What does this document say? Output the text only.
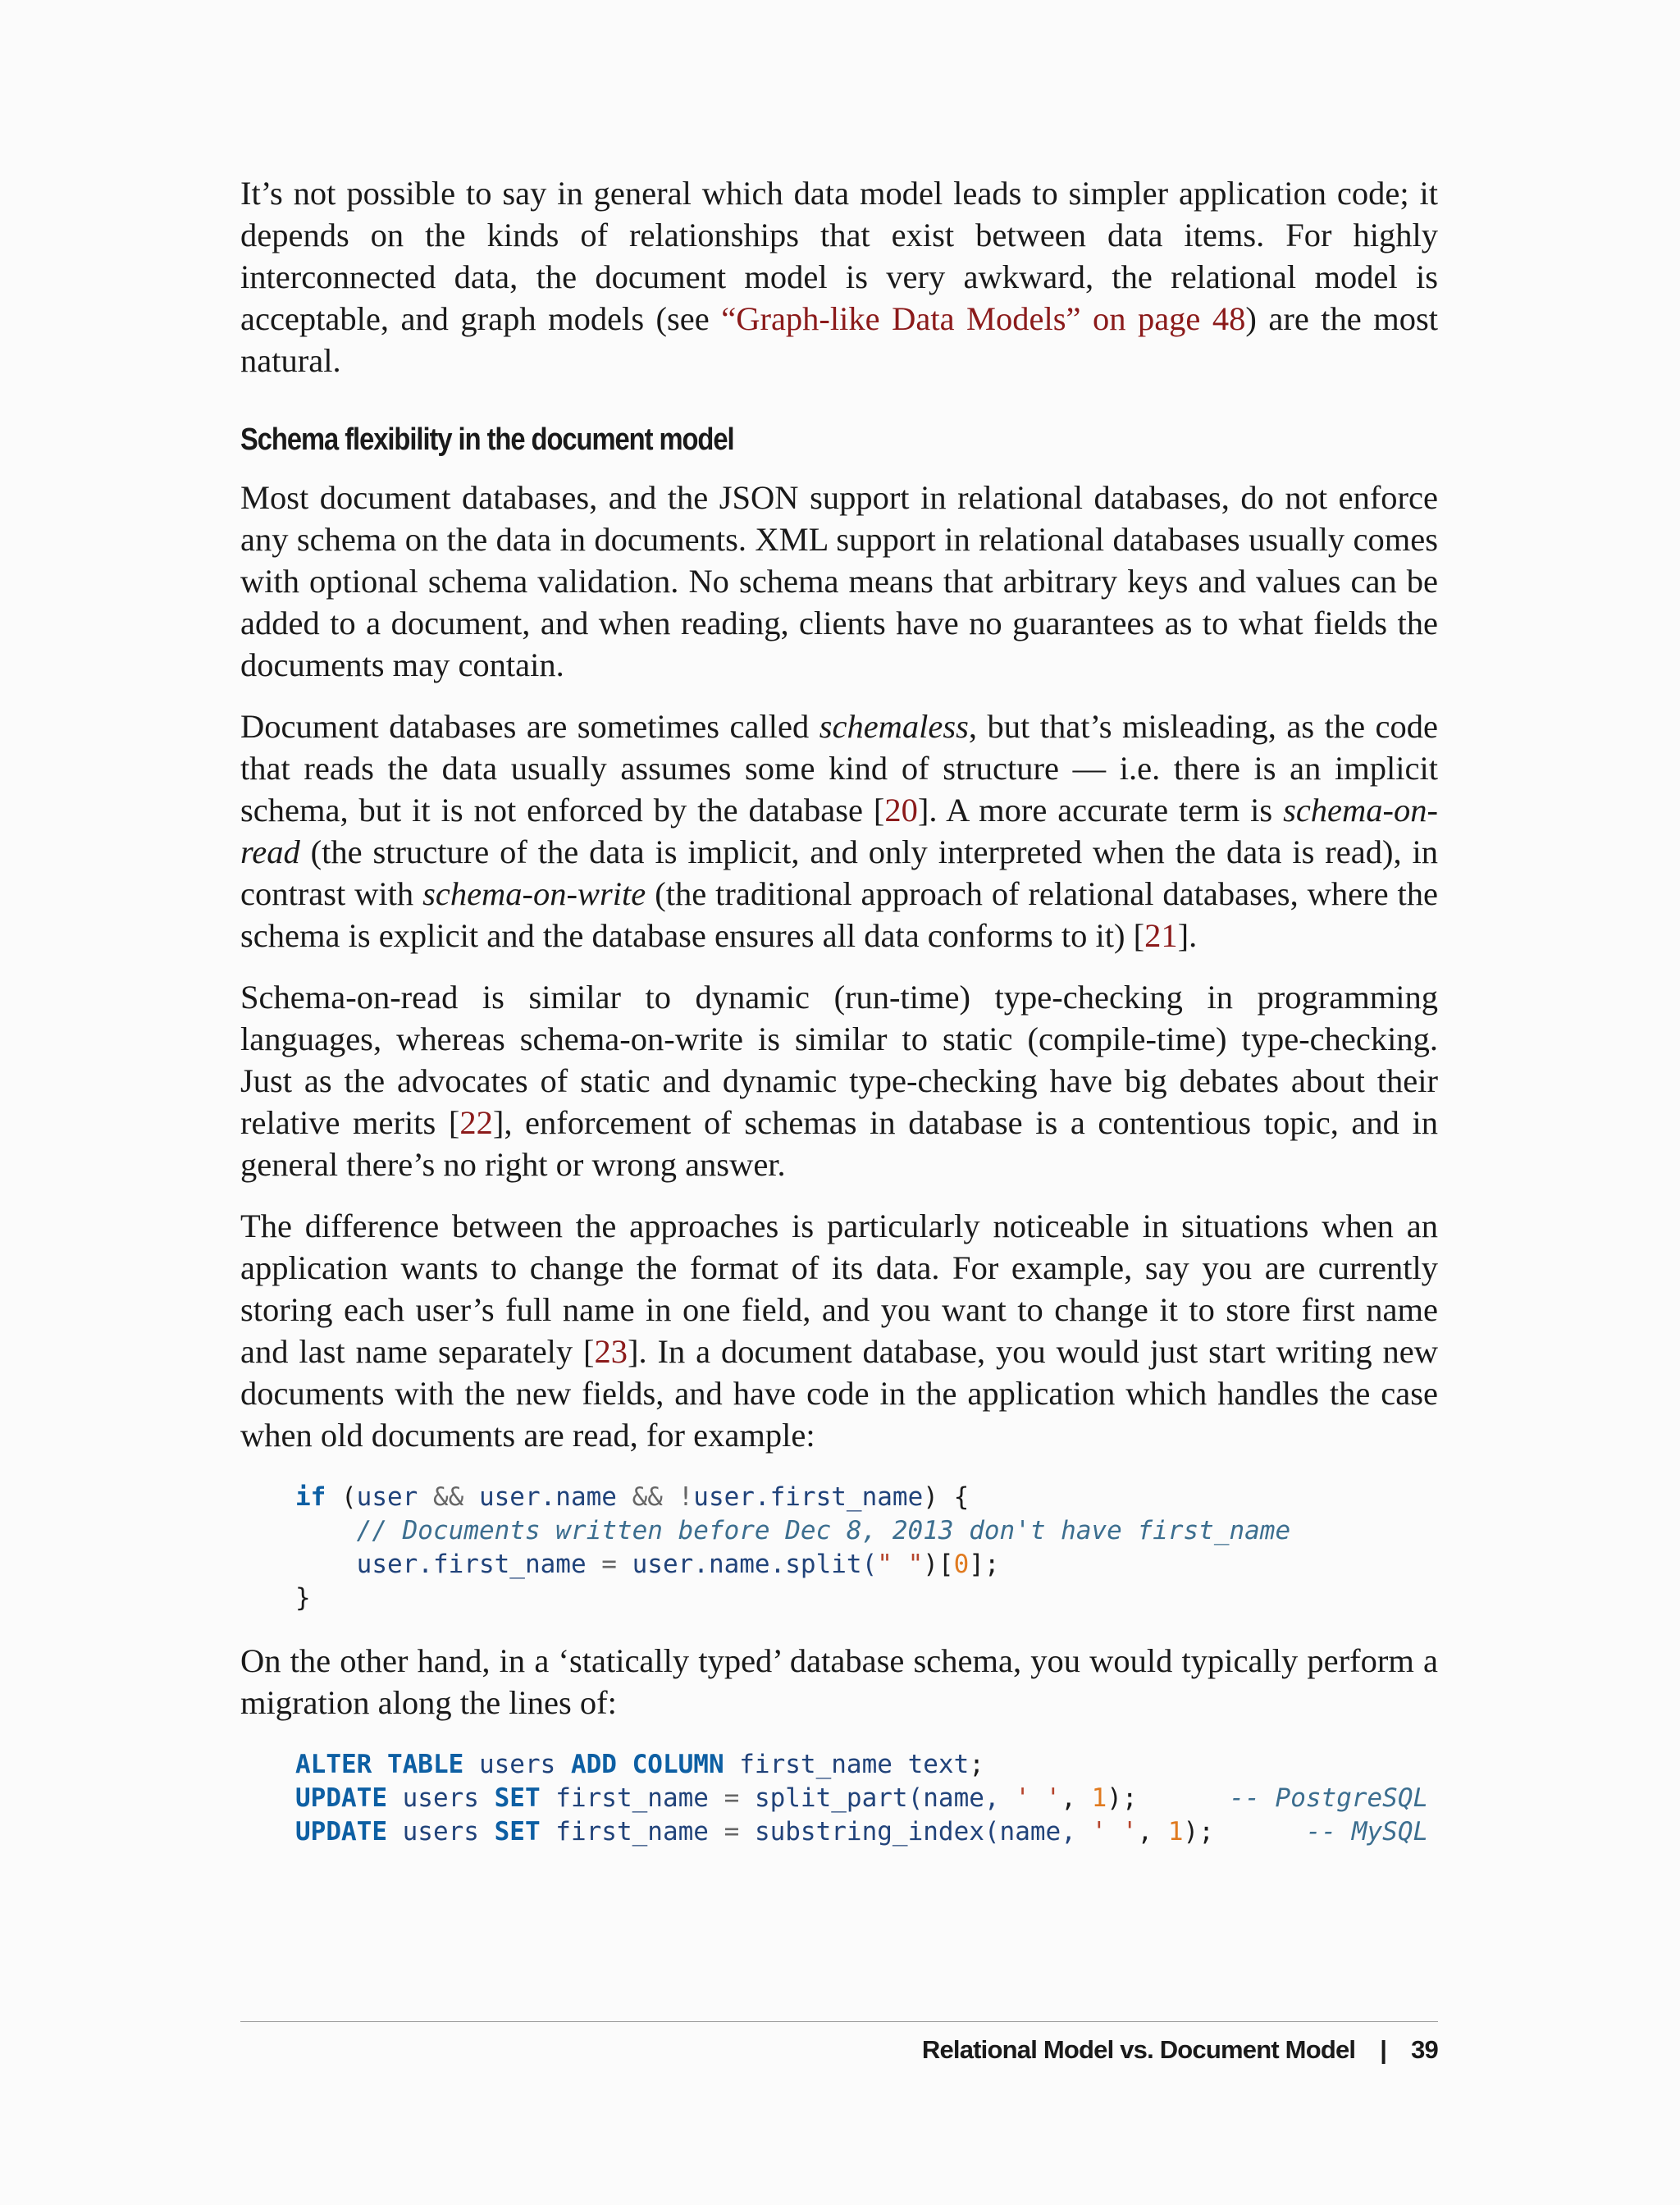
It’s not possible to say in general which data model leads to simpler application code; it depends on the kinds of relationships that exist between data items. For highly interconnected data, the document model is very awkward, the relational model is acceptable, and graph models (see “Graph-like Data Models” on page 48) are the most natural.

Schema flexibility in the document model

Most document databases, and the JSON support in relational databases, do not enforce any schema on the data in documents. XML support in relational databases usually comes with optional schema validation. No schema means that arbitrary keys and values can be added to a document, and when reading, clients have no guarantees as to what fields the documents may contain.

Document databases are sometimes called schemaless, but that’s misleading, as the code that reads the data usually assumes some kind of structure — i.e. there is an implicit schema, but it is not enforced by the database [20]. A more accurate term is schema-on-read (the structure of the data is implicit, and only interpreted when the data is read), in contrast with schema-on-write (the traditional approach of relational databases, where the schema is explicit and the database ensures all data conforms to it) [21].

Schema-on-read is similar to dynamic (run-time) type-checking in programming languages, whereas schema-on-write is similar to static (compile-time) type-checking. Just as the advocates of static and dynamic type-checking have big debates about their relative merits [22], enforcement of schemas in database is a contentious topic, and in general there’s no right or wrong answer.

The difference between the approaches is particularly noticeable in situations when an application wants to change the format of its data. For example, say you are currently storing each user’s full name in one field, and you want to change it to store first name and last name separately [23]. In a document database, you would just start writing new documents with the new fields, and have code in the application which handles the case when old documents are read, for example:

if (user && user.name && !user.first_name) {
// Documents written before Dec 8, 2013 don't have first_name
user.first_name = user.name.split(" ")[0];
}

On the other hand, in a ‘statically typed’ database schema, you would typically perform a migration along the lines of:

ALTER TABLE users ADD COLUMN first_name text;
UPDATE users SET first_name = split_part(name, ' ', 1);	-- PostgreSQL
UPDATE users SET first_name = substring_index(name, ' ', 1);	-- MySQL
Relational Model vs. Document Model | 39
